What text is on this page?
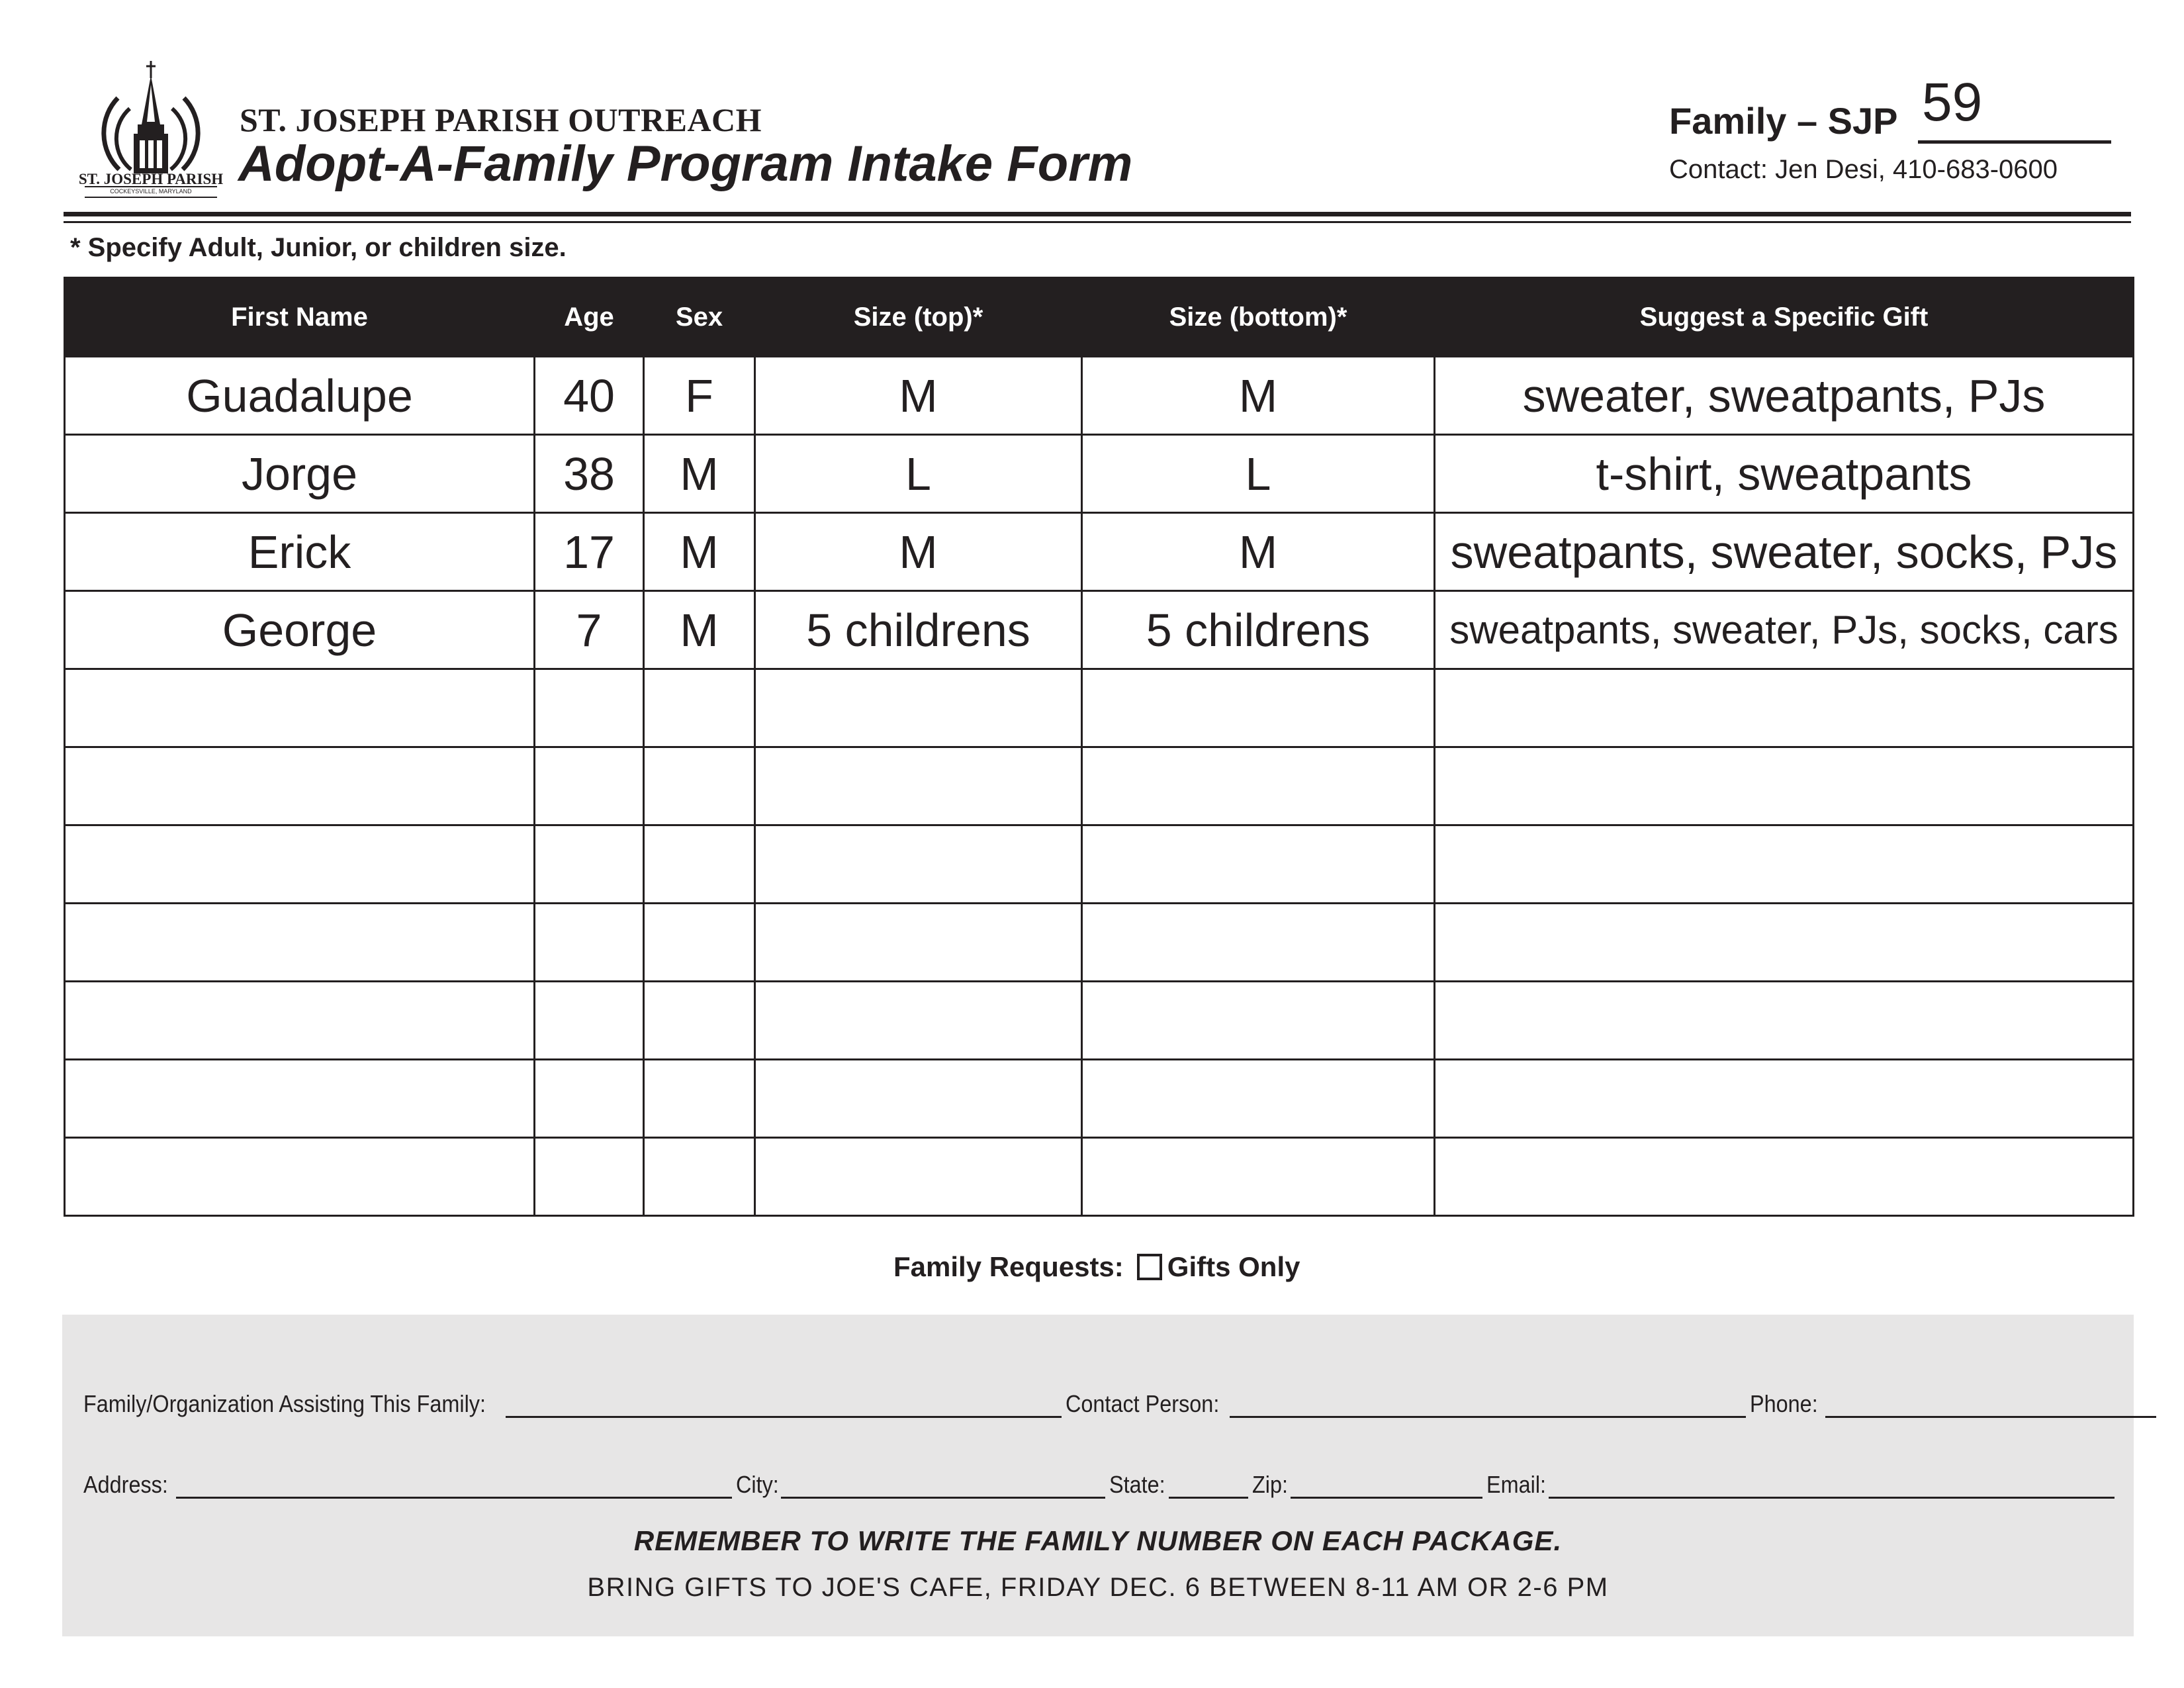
ST. JOSEPH PARISH
COCKEYSVILLE, MARYLAND
ST. JOSEPH PARISH OUTREACH
Adopt-A-Family Program Intake Form
Family – SJP 59
Contact: Jen Desi, 410-683-0600
* Specify Adult, Junior, or children size.
First Name	Age	Sex	Size (top)*	Size (bottom)*	Suggest a Specific Gift
Guadalupe	40	F	M	M	sweater, sweatpants, PJs
Jorge	38	M	L	L	t-shirt, sweatpants
Erick	17	M	M	M	sweatpants, sweater, socks, PJs
George	7	M	5 childrens	5 childrens	sweatpants, sweater, PJs, socks, cars

Family Requests: Gifts Only
Family/Organization Assisting This Family:	Contact Person:	Phone:
Address:	City:	State:	Zip:	Email:
REMEMBER TO WRITE THE FAMILY NUMBER ON EACH PACKAGE.
BRING GIFTS TO JOE'S CAFE, FRIDAY DEC. 6 BETWEEN 8-11 AM OR 2-6 PM
